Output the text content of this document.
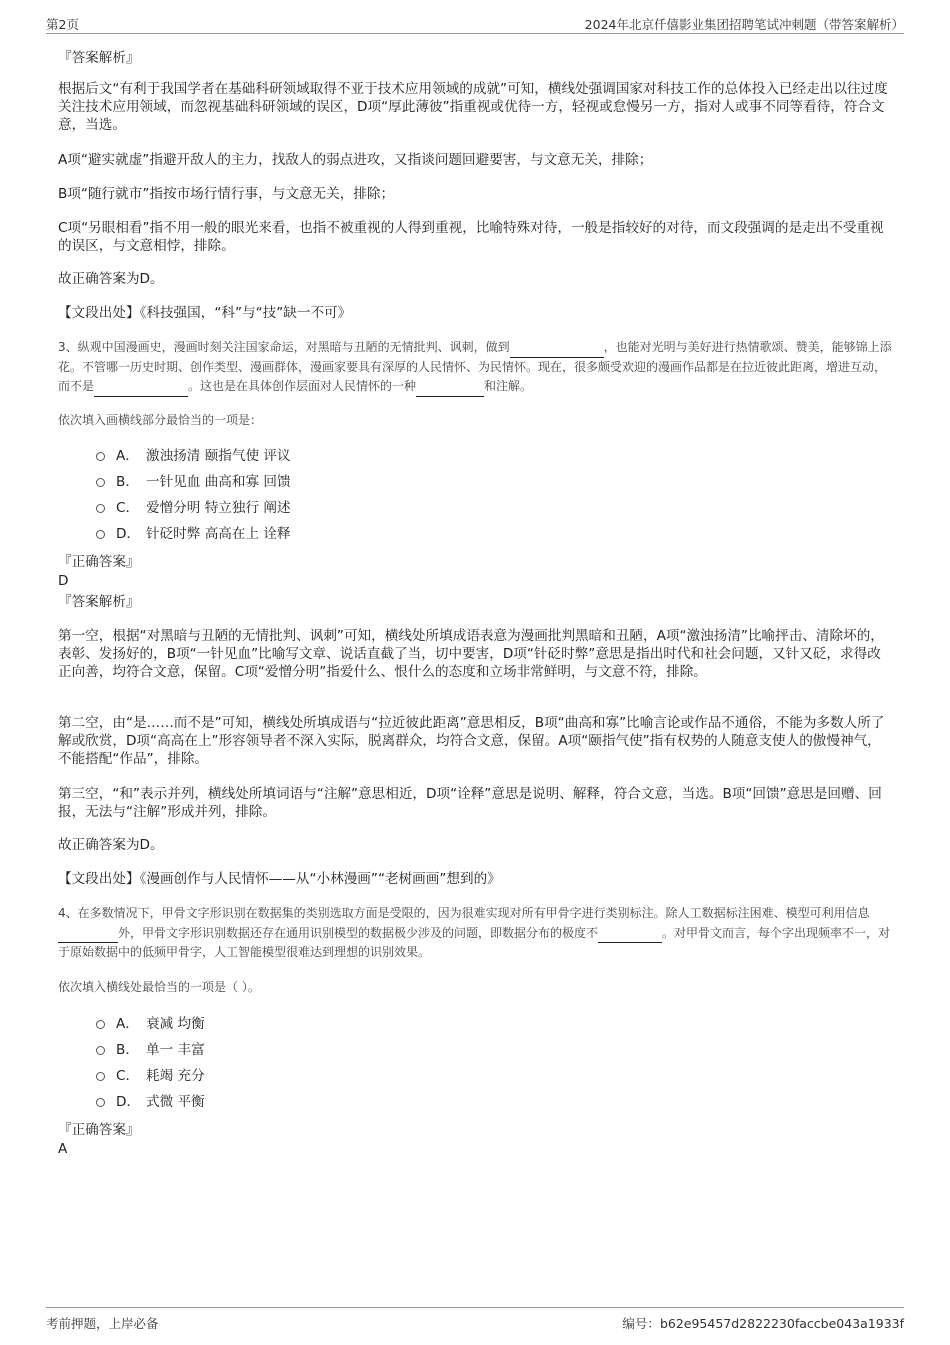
第2页	2024年北京仟僖影业集团招聘笔试冲刺题（带答案解析）
『答案解析』

根据后文“有利于我国学者在基础科研领域取得不亚于技术应用领域的成就”可知，横线处强调国家对科技工作的总体投入已经走出以往过度关注技术应用领域，而忽视基础科研领域的误区，D项“厚此薄彼”指重视或优待一方，轻视或怠慢另一方，指对人或事不同等看待，符合文意，当选。

A项“避实就虚”指避开敌人的主力，找敌人的弱点进攻，又指谈问题回避要害，与文意无关，排除；

B项“随行就市”指按市场行情行事，与文意无关，排除；

C项“另眼相看”指不用一般的眼光来看，也指不被重视的人得到重视，比喻特殊对待，一般是指较好的对待，而文段强调的是走出不受重视的误区，与文意相悖，排除。

故正确答案为D。

【文段出处】《科技强国，“科”与“技”缺一不可》

3、纵观中国漫画史，漫画时刻关注国家命运，对黑暗与丑陋的无情批判、讽刺，做到	，也能对光明与美好进行热情歌颂、赞美，能够锦上添花。不管哪一历史时期、创作类型、漫画群体，漫画家要具有深厚的人民情怀、为民情怀。现在，很多颇受欢迎的漫画作品都是在拉近彼此距离，增进互动，而不是	。这也是在具体创作层面对人民情怀的一种	和注解。

依次填入画横线部分最恰当的一项是：

A． 激浊扬清 颐指气使 评议
B． 一针见血 曲高和寡 回馈
C． 爱憎分明 特立独行 阐述
D． 针砭时弊 高高在上 诠释
『正确答案』
D
『答案解析』

第一空，根据“对黑暗与丑陋的无情批判、讽刺”可知，横线处所填成语表意为漫画批判黑暗和丑陋，A项“激浊扬清”比喻抨击、清除坏的，表彰、发扬好的，B项“一针见血”比喻写文章、说话直截了当，切中要害，D项“针砭时弊”意思是指出时代和社会问题，又针又砭，求得改正向善，均符合文意，保留。C项“爱憎分明”指爱什么、恨什么的态度和立场非常鲜明，与文意不符，排除。

第二空，由“是……而不是”可知，横线处所填成语与“拉近彼此距离”意思相反，B项“曲高和寡”比喻言论或作品不通俗，不能为多数人所了解或欣赏，D项“高高在上”形容领导者不深入实际，脱离群众，均符合文意，保留。A项“颐指气使”指有权势的人随意支使人的傲慢神气，不能搭配“作品”，排除。

第三空，“和”表示并列，横线处所填词语与“注解”意思相近，D项“诠释”意思是说明、解释，符合文意，当选。B项“回馈”意思是回赠、回报，无法与“注解”形成并列，排除。

故正确答案为D。

【文段出处】《漫画创作与人民情怀——从“小林漫画”“老树画画”想到的》

4、在多数情况下，甲骨文字形识别在数据集的类别选取方面是受限的，因为很难实现对所有甲骨字进行类别标注。除人工数据标注困难、模型可利用信息外，甲骨文字形识别数据还存在通用识别模型的数据极少涉及的问题，即数据分布的极度不	。对甲骨文而言，每个字出现频率不一，对于原始数据中的低频甲骨字，人工智能模型很难达到理想的识别效果。

依次填入横线处最恰当的一项是（ ）。

A． 衰减 均衡
B． 单一 丰富
C． 耗竭 充分
D． 式微 平衡
『正确答案』
A
考前押题，上岸必备	编号：b62e95457d2822230faccbe043a1933f
